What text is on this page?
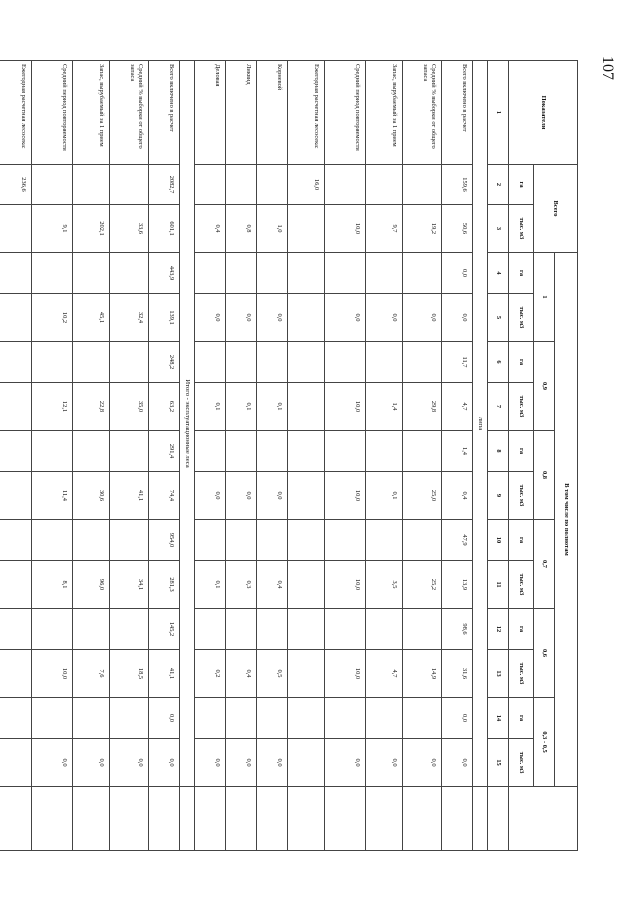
107
Показатели	Всего		В том числе по полнотам												
			1		0,9		0,8		0,7		0,6		0,3 - 0,5		
	га	тыс. м3	га	тыс. м3	га	тыс. м3	га	тыс. м3	га	тыс. м3	га	тыс. м3	га	тыс. м3	
1	2	3	4	5	6	7	8	9	10	11	12	13	14	15	
липа															
Всего включено в расчет	159,6	50,6	0,0	0,0	11,7	4,7	1,4	0,4	47,9	13,9	98,6	31,6	0,0	0,0	
Средний % выборки от общего запаса		19,2		0,0		29,8		25,0		25,2		14,9		0,0	
Запас, вырубаемый за 1 прием		9,7		0,0		1,4		0,1		3,5		4,7		0,0	
Средний период повторяемости		10,0		0,0		10,0		10,0		10,0		10,0		0,0	
Ежегодная расчетная лесосека:	16,0														
Корневой		1,0		0,0		0,1		0,0		0,4		0,5		0,0	
Ликвид		0,8		0,0		0,1		0,0		0,3		0,4		0,0	
Деловая		0,4		0,0		0,1		0,0		0,1		0,2		0,0	
Итого - эксплуатационные леса															
Всего включено в расчет	2082,7	601,1	443,9	139,1	248,2	63,2	291,4	74,4	954,0	281,3	145,2	41,1	0,0	0,0	
Средний % выборки от общего запаса		33,6		32,4		35,0		41,1		34,1		18,5		0,0	
Запас, вырубаемый за 1 прием		202,1		45,1		22,8		30,6		96,0		7,6		0,0	
Средний период повторяемости		9,1		10,2		12,1		11,4		8,1		10,0		0,0	
Ежегодная расчетная лесосека:	236,6														
